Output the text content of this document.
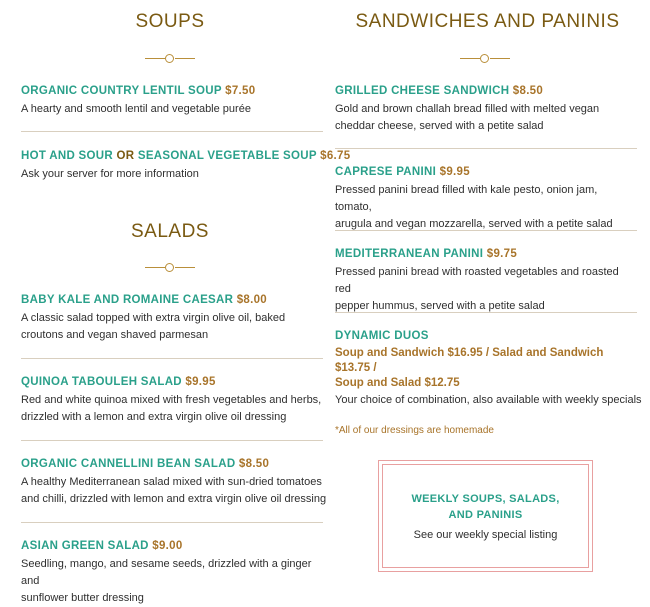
SOUPS
ORGANIC COUNTRY LENTIL SOUP $7.50
A hearty and smooth lentil and vegetable purée
HOT AND SOUR OR SEASONAL VEGETABLE SOUP $6.75
Ask your server for more information
SALADS
BABY KALE AND ROMAINE CAESAR $8.00
A classic salad topped with extra virgin olive oil, baked
croutons and vegan shaved parmesan
QUINOA TABOULEH SALAD $9.95
Red and white quinoa mixed with fresh vegetables and herbs,
drizzled with a lemon and extra virgin olive oil dressing
ORGANIC CANNELLINI BEAN SALAD $8.50
A healthy Mediterranean salad mixed with sun-dried tomatoes
and chilli, drizzled with lemon and extra virgin olive oil dressing
ASIAN GREEN SALAD $9.00
Seedling, mango, and sesame seeds, drizzled with a ginger and
sunflower butter dressing
SANDWICHES AND PANINIS
GRILLED CHEESE SANDWICH $8.50
Gold and brown challah bread filled with melted vegan
cheddar cheese, served with a petite salad
CAPRESE PANINI $9.95
Pressed panini bread filled with kale pesto, onion jam, tomato,
arugula and vegan mozzarella, served with a petite salad
MEDITERRANEAN PANINI $9.75
Pressed panini bread with roasted vegetables and roasted red
pepper hummus, served with a petite salad
DYNAMIC DUOS
Soup and Sandwich $16.95 / Salad and Sandwich $13.75 /
Soup and Salad $12.75
Your choice of combination, also available with weekly specials
*All of our dressings are homemade
WEEKLY SOUPS, SALADS,
AND PANINIS
See our weekly special listing
